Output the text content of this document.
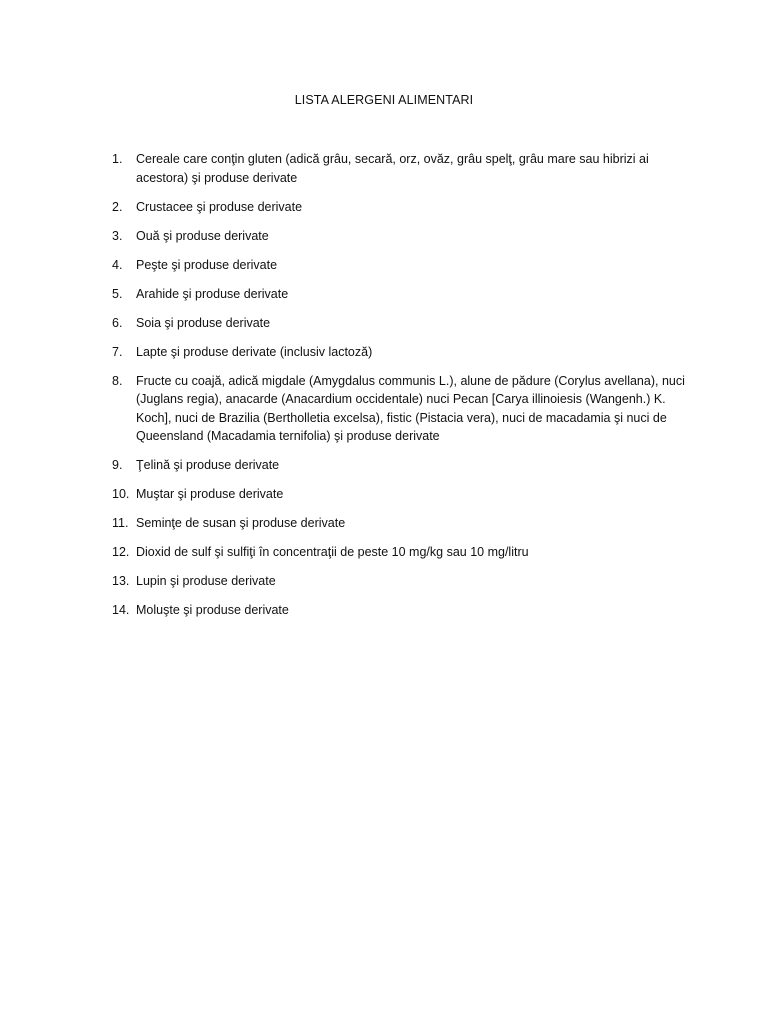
LISTA ALERGENI ALIMENTARI
1.	Cereale care conţin gluten (adică grâu, secară, orz, ovăz, grâu spelţ, grâu mare sau hibrizi ai acestora) şi produse derivate
2.	Crustacee şi produse derivate
3.	Ouă şi produse derivate
4.	Peşte şi produse derivate
5.	Arahide şi produse derivate
6.	Soia şi produse derivate
7.	Lapte şi produse derivate (inclusiv lactoză)
8.	Fructe cu coajă, adică migdale (Amygdalus communis L.), alune de pădure (Corylus avellana), nuci (Juglans regia), anacarde (Anacardium occidentale) nuci Pecan [Carya illinoiesis (Wangenh.) K. Koch], nuci de Brazilia (Bertholletia excelsa), fistic (Pistacia vera), nuci de macadamia şi nuci de Queensland (Macadamia ternifolia) şi produse derivate
9.	Ţelină şi produse derivate
10. Muştar şi produse derivate
11. Seminţe de susan şi produse derivate
12. Dioxid de sulf şi sulfiţi în concentraţii de peste 10 mg/kg sau 10 mg/litru
13. Lupin şi produse derivate
14. Moluşte şi produse derivate
